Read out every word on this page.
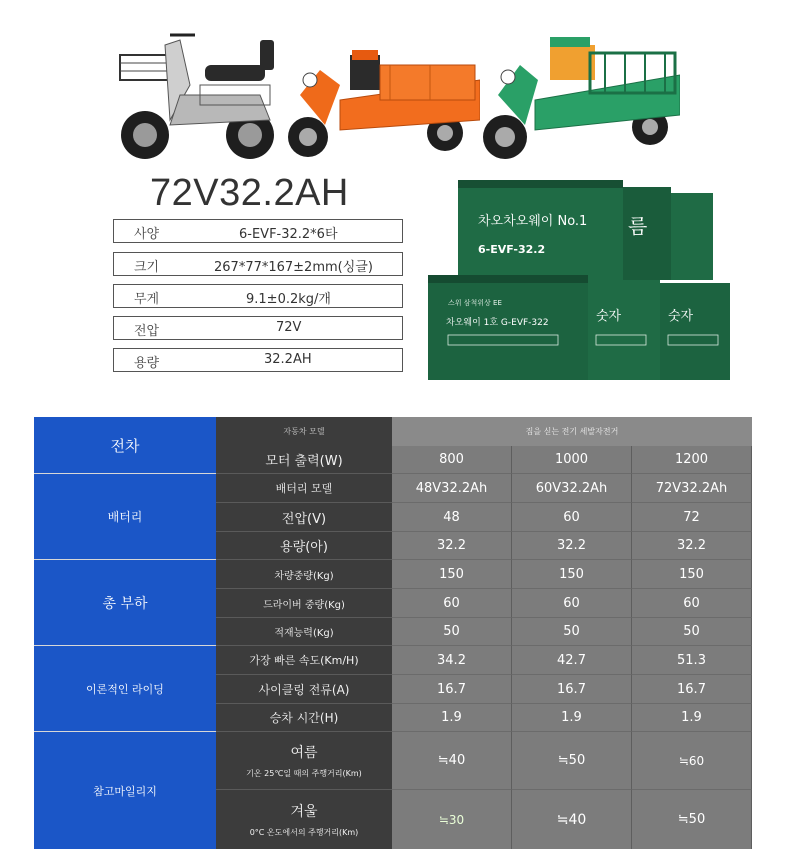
72V32.2AH
사양	6-EVF-32.2*6타
크기	267*77*167±2mm(싱글)
무게	9.1±0.2kg/개
전압	72V
용량	32.2AH
차오차오웨이 No.1
6-EVF-32.2
름
스위 삼척위상 EE
차오웨이 1호 G-EVF-322	숫자	숫자
전차
자동차 모델	짐을 싣는 전기 세발자전거
모터 출력(W)	800	1000	1200
배터리
배터리 모델	48V32.2Ah	60V32.2Ah	72V32.2Ah
전압(V)	48	60	72
용량(아)	32.2	32.2	32.2
총 부하
차량중량(Kg)	150	150	150
드라이버 중량(Kg)	60	60	60
적재능력(Kg)	50	50	50
이론적인 라이딩
가장 빠른 속도(Km/H)	34.2	42.7	51.3
사이클링 전류(A)	16.7	16.7	16.7
승차 시간(H)	1.9	1.9	1.9
참고마일리지
여름
기온 25℃일 때의 주행거리(Km)
≒40	≒50	≒60
겨울
0°C 온도에서의 주행거리(Km)
≒30	≒40	≒50
